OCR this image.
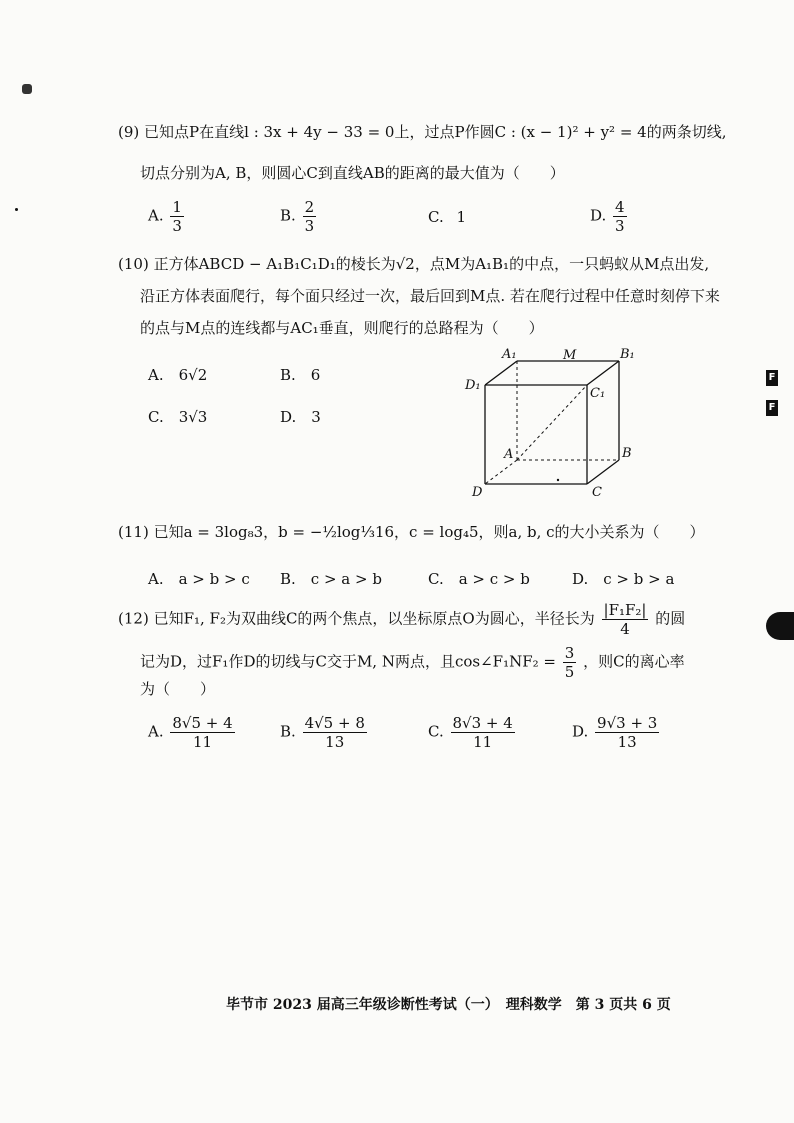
(9) 已知点P在直线l : 3x + 4y − 33 = 0上，过点P作圆C : (x − 1)² + y² = 4的两条切线,
切点分别为A, B，则圆心C到直线AB的距离的最大值为（　　）
A. $\frac{1}{3}$	B. $\frac{2}{3}$	C. 1	D. $\frac{4}{3}$
(10) 正方体ABCD − A₁B₁C₁D₁的棱长为√2，点M为A₁B₁的中点，一只蚂蚁从M点出发,
沿正方体表面爬行，每个面只经过一次，最后回到M点. 若在爬行过程中任意时刻停下来
的点与M点的连线都与AC₁垂直，则爬行的总路程为（　　）
A.　6√2	B.　6
C.　3√3	D.　3
A₁	M	B₁
D₁
C₁
A	B
D	C
(11) 已知a = 3log₈3，b = −½log⅓16，c = log₄5，则a, b, c的大小关系为（　　）
A.　a > b > c B.　c > a > b	C.　a > c > b	D.　c > b > a
(12) 已知F₁, F₂为双曲线C的两个焦点，以坐标原点O为圆心，半径长为 $\frac{\text{|F₁F₂|}}{4}$ 的圆
记为D，过F₁作D的切线与C交于M, N两点，且cos∠F₁NF₂ = $\frac{3}{5}$ ，则C的离心率
为（　　）
A. $\frac{8√5 + 4}{11}$	B. $\frac{4√5 + 8}{13}$	C. $\frac{8√3 + 4}{11}$	D. $\frac{9√3 + 3}{13}$
F
F
毕节市 2023 届高三年级诊断性考试（一）　理科数学　第 3 页共 6 页
